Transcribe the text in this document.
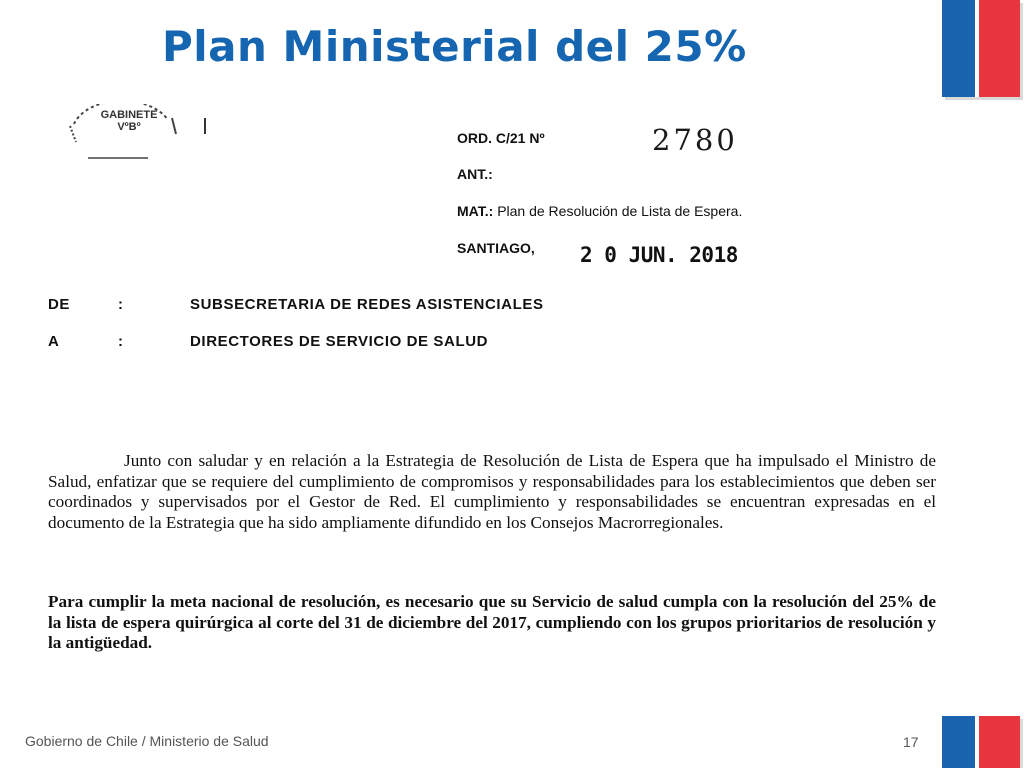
Plan Ministerial del 25%
GABINETE
VºBº
ORD. C/21 Nº	2780
ANT.:
MAT.: Plan de Resolución de Lista de Espera.
SANTIAGO, 2 0 JUN. 2018
DE	:	SUBSECRETARIA DE REDES ASISTENCIALES
A	:	DIRECTORES DE SERVICIO DE SALUD
Junto con saludar y en relación a la Estrategia de Resolución de Lista de Espera que ha impulsado el Ministro de Salud, enfatizar que se requiere del cumplimiento de compromisos y responsabilidades para los establecimientos que deben ser coordinados y supervisados por el Gestor de Red. El cumplimiento y responsabilidades se encuentran expresadas en el documento de la Estrategia que ha sido ampliamente difundido en los Consejos Macrorregionales.
Para cumplir la meta nacional de resolución, es necesario que su Servicio de salud cumpla con la resolución del 25% de la lista de espera quirúrgica al corte del 31 de diciembre del 2017, cumpliendo con los grupos prioritarios de resolución y la antigüedad.
Gobierno de Chile / Ministerio de Salud	17
